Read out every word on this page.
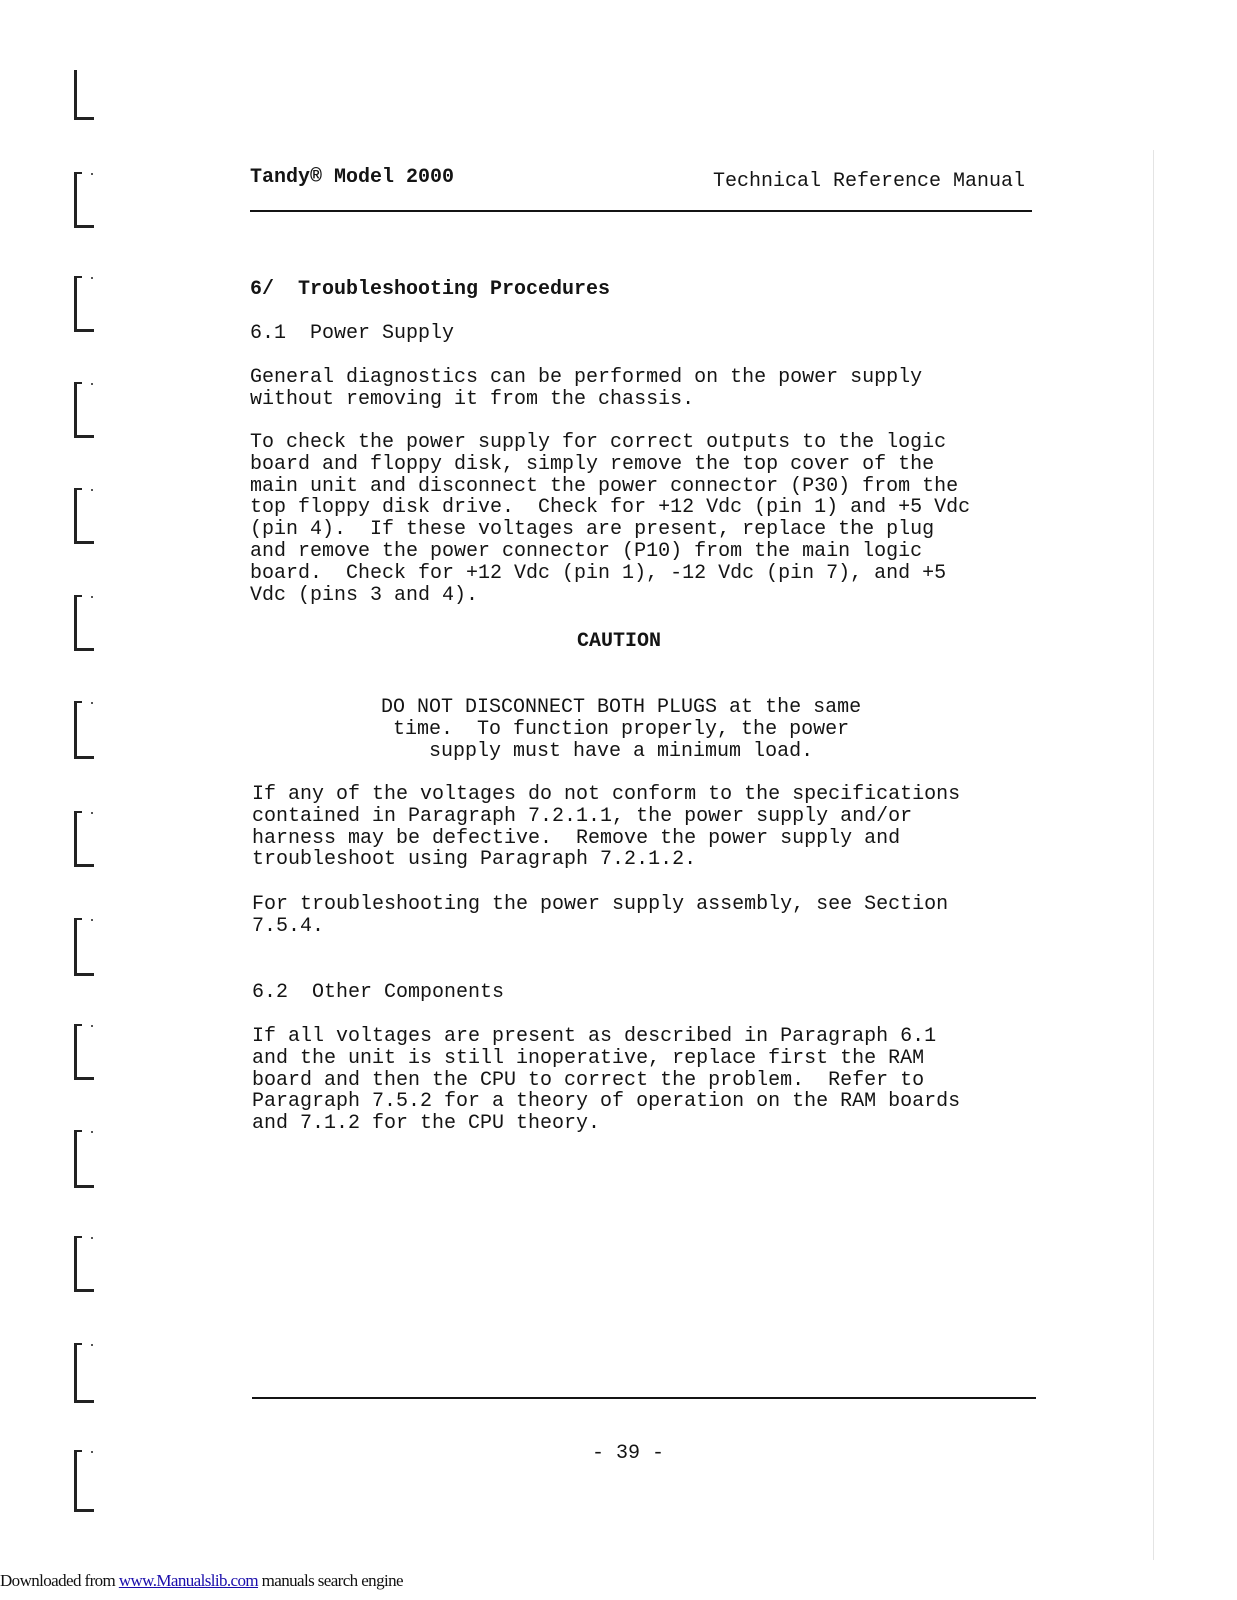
Tandy® Model 2000	Technical Reference Manual
6/  Troubleshooting Procedures
6.1  Power Supply
General diagnostics can be performed on the power supply
without removing it from the chassis.
To check the power supply for correct outputs to the logic
board and floppy disk, simply remove the top cover of the
main unit and disconnect the power connector (P30) from the
top floppy disk drive.  Check for +12 Vdc (pin 1) and +5 Vdc
(pin 4).  If these voltages are present, replace the plug
and remove the power connector (P10) from the main logic
board.  Check for +12 Vdc (pin 1), -12 Vdc (pin 7), and +5
Vdc (pins 3 and 4).
CAUTION
DO NOT DISCONNECT BOTH PLUGS at the same
time.  To function properly, the power
supply must have a minimum load.
If any of the voltages do not conform to the specifications
contained in Paragraph 7.2.1.1, the power supply and/or
harness may be defective.  Remove the power supply and
troubleshoot using Paragraph 7.2.1.2.
For troubleshooting the power supply assembly, see Section
7.5.4.
6.2  Other Components
If all voltages are present as described in Paragraph 6.1
and the unit is still inoperative, replace first the RAM
board and then the CPU to correct the problem.  Refer to
Paragraph 7.5.2 for a theory of operation on the RAM boards
and 7.1.2 for the CPU theory.
- 39 -
Downloaded from www.Manualslib.com manuals search engine
